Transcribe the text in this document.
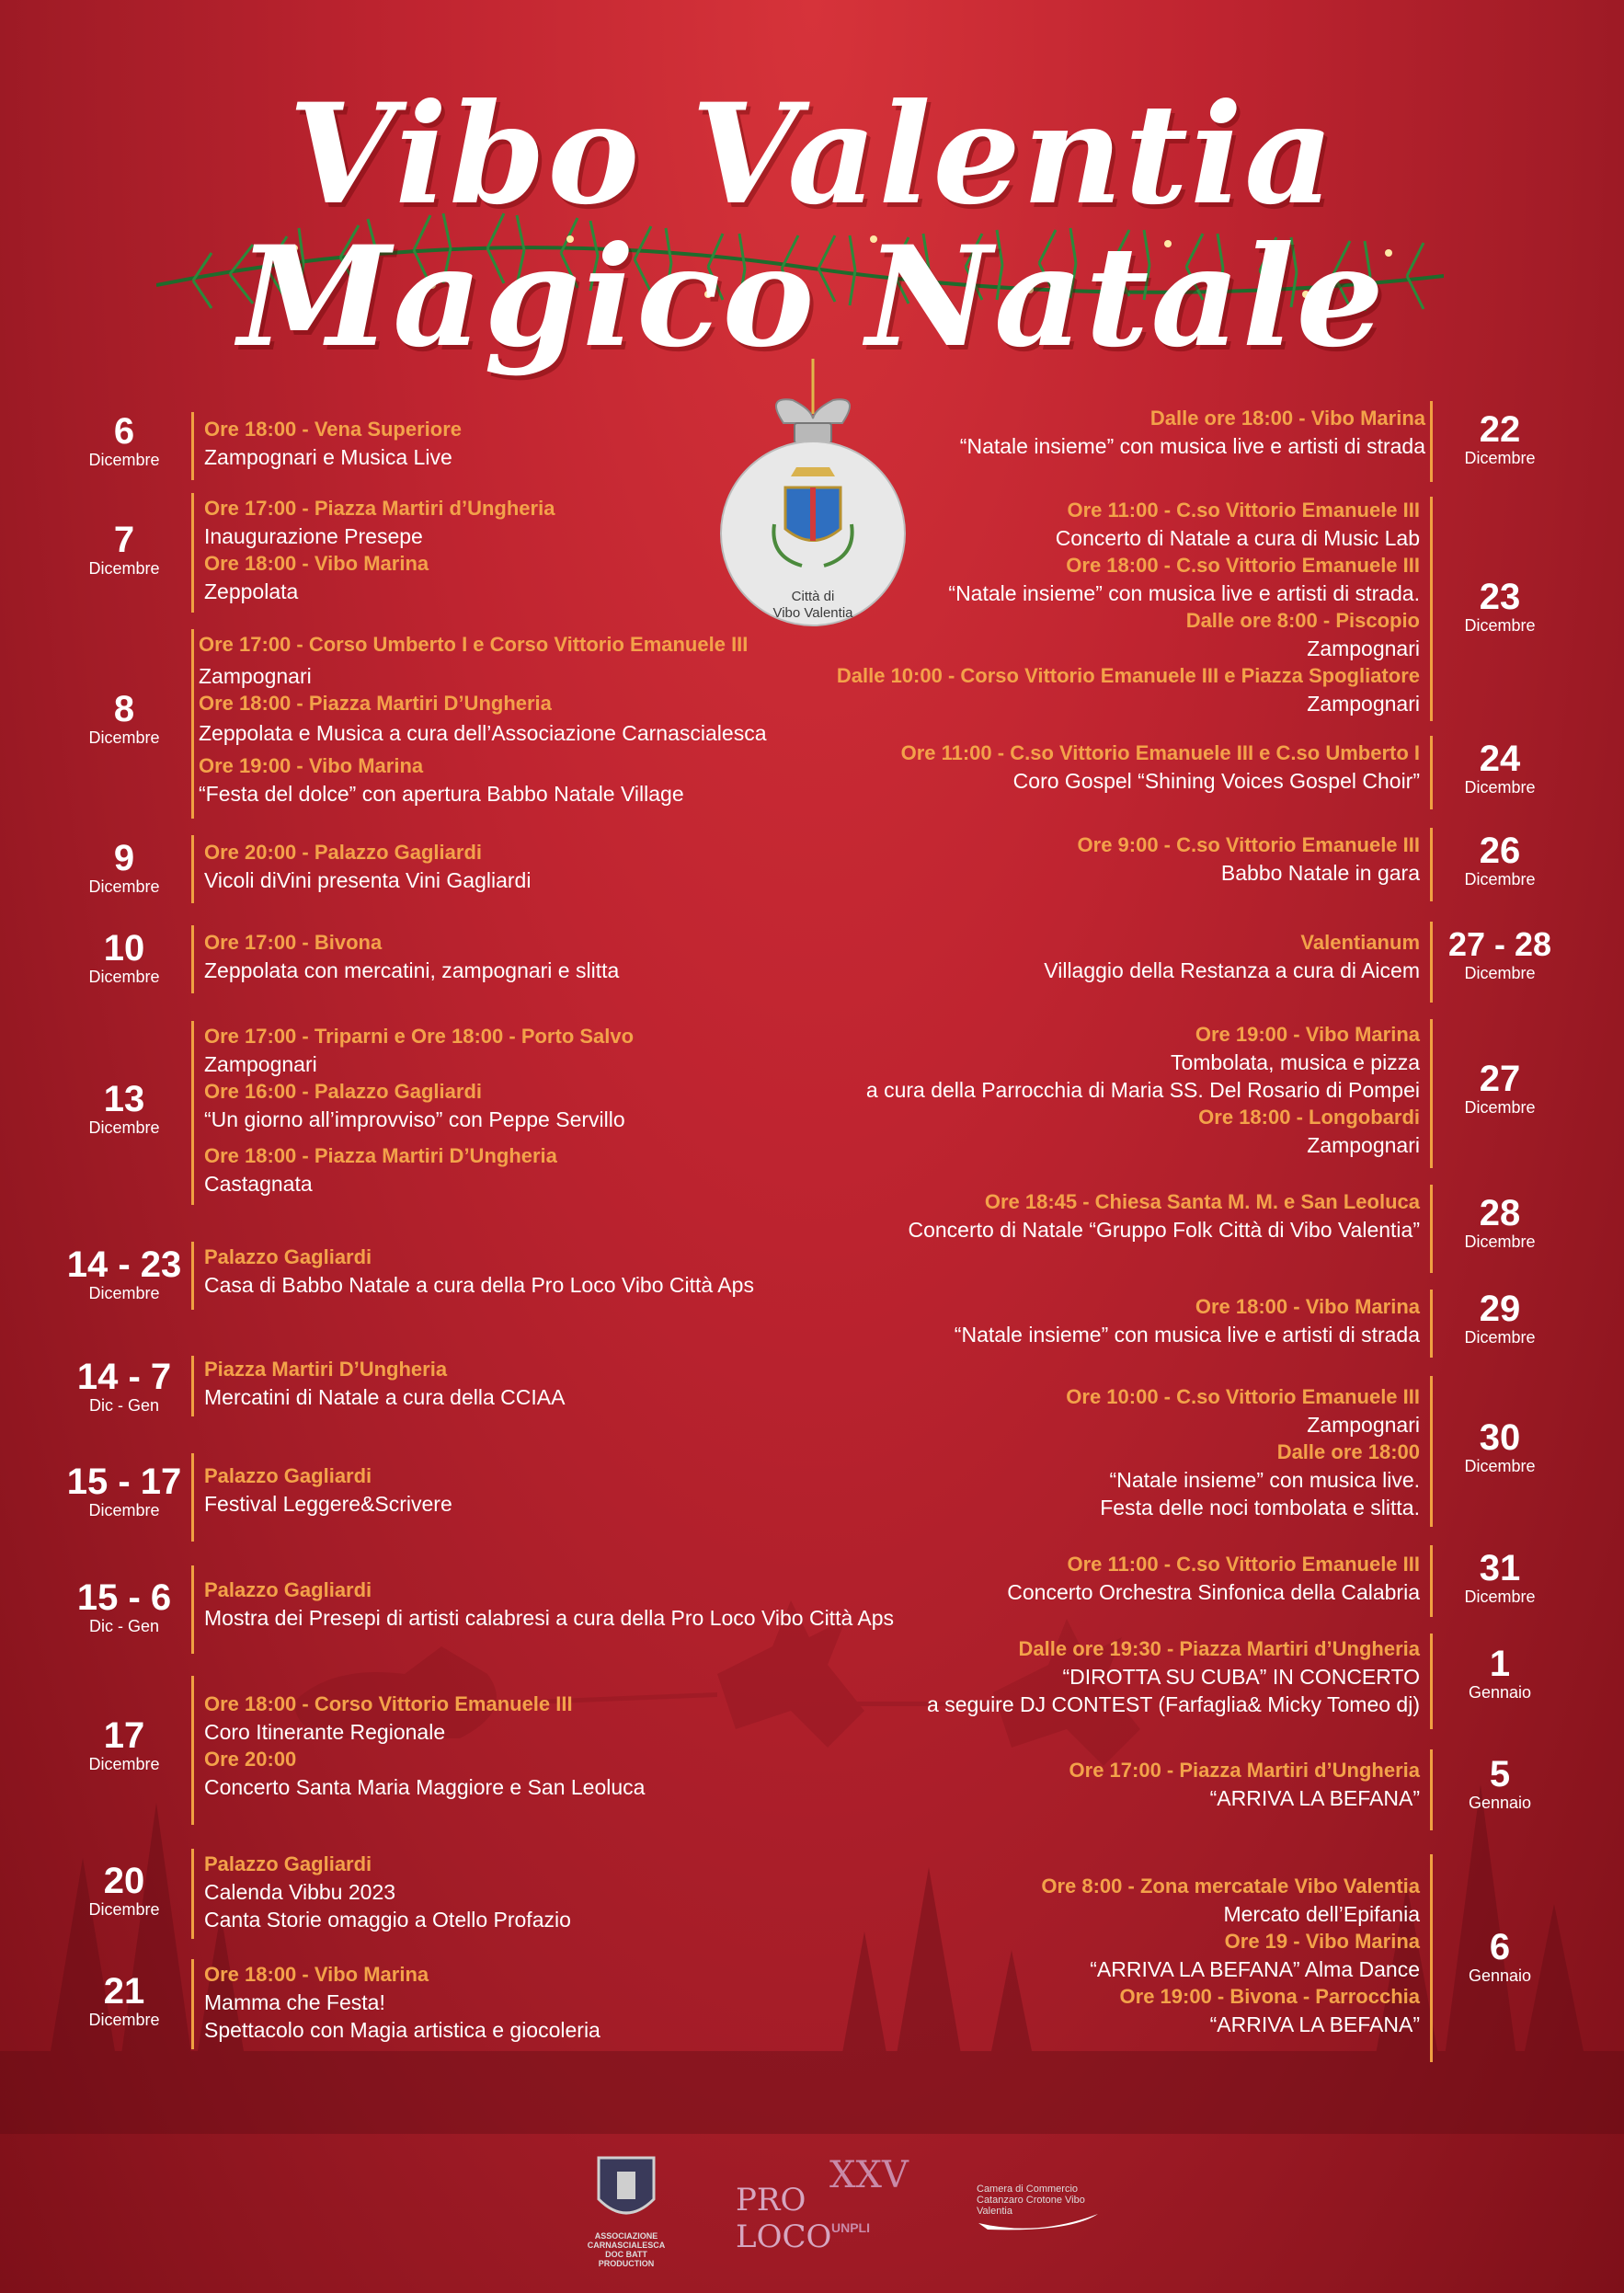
Vibo Valentia
Magico Natale
Città di
Vibo Valentia
6
Dicembre
Ore 18:00 - Vena Superiore
Zampognari e Musica Live
7
Dicembre
Ore 17:00 - Piazza Martiri d’Ungheria
Inaugurazione Presepe
Ore 18:00 - Vibo Marina
Zeppolata
8
Dicembre
Ore 17:00 - Corso Umberto I e Corso Vittorio Emanuele III
Zampognari
Ore 18:00 - Piazza Martiri D’Ungheria
Zeppolata e Musica a cura dell’Associazione Carnascialesca
Ore 19:00 - Vibo Marina
“Festa del dolce” con apertura Babbo Natale Village
9
Dicembre
Ore 20:00 - Palazzo Gagliardi
Vicoli diVini presenta Vini Gagliardi
10
Dicembre
Ore 17:00 - Bivona
Zeppolata con mercatini, zampognari e slitta
13
Dicembre
Ore 17:00 - Triparni e Ore 18:00 - Porto Salvo
Zampognari
Ore 16:00 - Palazzo Gagliardi
“Un giorno all’improvviso” con Peppe Servillo
Ore 18:00 - Piazza Martiri D’Ungheria
Castagnata
14 - 23
Dicembre
Palazzo Gagliardi
Casa di Babbo Natale a cura della Pro Loco Vibo Città Aps
14 - 7
Dic - Gen
Piazza Martiri D’Ungheria
Mercatini di Natale a cura della CCIAA
15 - 17
Dicembre
Palazzo Gagliardi
Festival Leggere&Scrivere
15 - 6
Dic - Gen
Palazzo Gagliardi
Mostra dei Presepi di artisti calabresi a cura della Pro Loco Vibo Città Aps
17
Dicembre
Ore 18:00 - Corso Vittorio Emanuele III
Coro Itinerante Regionale
Ore 20:00
Concerto Santa Maria Maggiore e San Leoluca
20
Dicembre
Palazzo Gagliardi
Calenda Vibbu 2023
Canta Storie omaggio a Otello Profazio
21
Dicembre
Ore 18:00 - Vibo Marina
Mamma che Festa!
Spettacolo con Magia artistica e giocoleria
22
Dicembre
Dalle ore 18:00 - Vibo Marina
“Natale insieme” con musica live e artisti di strada
23
Dicembre
Ore 11:00 - C.so Vittorio Emanuele III
Concerto di Natale a cura di Music Lab
Ore 18:00 - C.so Vittorio Emanuele III
“Natale insieme” con musica live e artisti di strada.
Dalle ore 8:00 - Piscopio
Zampognari
Dalle 10:00 - Corso Vittorio Emanuele III e Piazza Spogliatore
Zampognari
24
Dicembre
Ore 11:00 - C.so Vittorio Emanuele III e C.so Umberto I
Coro Gospel “Shining Voices Gospel Choir”
26
Dicembre
Ore 9:00 - C.so Vittorio Emanuele III
Babbo Natale in gara
27 - 28
Dicembre
Valentianum
Villaggio della Restanza a cura di Aicem
27
Dicembre
Ore 19:00 - Vibo Marina
Tombolata, musica e pizza
a cura della Parrocchia di Maria SS. Del Rosario di Pompei
Ore 18:00 - Longobardi
Zampognari
28
Dicembre
Ore 18:45 - Chiesa Santa M. M. e San Leoluca
Concerto di Natale “Gruppo Folk Città di Vibo Valentia”
29
Dicembre
Ore 18:00 - Vibo Marina
“Natale insieme” con musica live e artisti di strada
30
Dicembre
Ore 10:00 - C.so Vittorio Emanuele III
Zampognari
Dalle ore 18:00
“Natale insieme” con musica live.
Festa delle noci tombolata e slitta.
31
Dicembre
Ore 11:00 - C.so Vittorio Emanuele III
Concerto Orchestra Sinfonica della Calabria
1
Gennaio
Dalle ore 19:30 - Piazza Martiri d’Ungheria
“DIROTTA SU CUBA” IN CONCERTO
a seguire DJ CONTEST (Farfaglia& Micky Tomeo dj)
5
Gennaio
Ore 17:00 - Piazza Martiri d’Ungheria
“ARRIVA LA BEFANA”
6
Gennaio
Ore 8:00 - Zona mercatale Vibo Valentia
Mercato dell’Epifania
Ore 19 - Vibo Marina
“ARRIVA LA BEFANA” Alma Dance
Ore 19:00 - Bivona - Parrocchia
“ARRIVA LA BEFANA”
ASSOCIAZIONE CARNASCIALESCA DOC BATT PRODUCTION
PRO LOCO
XXV
UNPLI
Camera di Commercio Catanzaro Crotone Vibo Valentia
